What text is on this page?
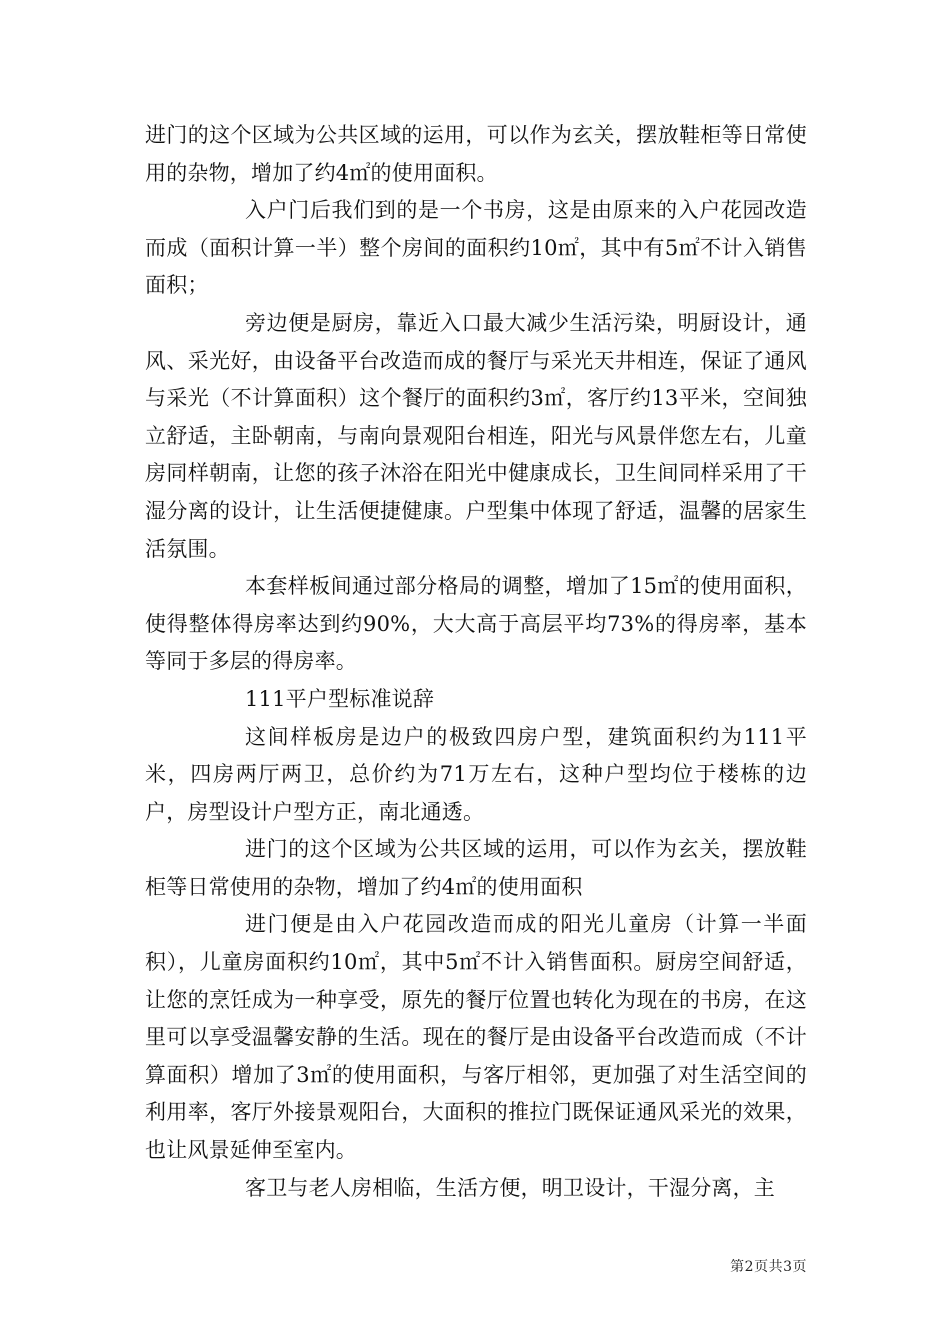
进门的这个区域为公共区域的运用，可以作为玄关，摆放鞋柜等日常使用的杂物，增加了约4㎡的使用面积。

入户门后我们到的是一个书房，这是由原来的入户花园改造而成（面积计算一半）整个房间的面积约10㎡，其中有5㎡不计入销售面积；

旁边便是厨房，靠近入口最大减少生活污染，明厨设计，通风、采光好，由设备平台改造而成的餐厅与采光天井相连，保证了通风与采光（不计算面积）这个餐厅的面积约3㎡，客厅约13平米，空间独立舒适，主卧朝南，与南向景观阳台相连，阳光与风景伴您左右，儿童房同样朝南，让您的孩子沐浴在阳光中健康成长，卫生间同样采用了干湿分离的设计，让生活便捷健康。户型集中体现了舒适，温馨的居家生活氛围。

本套样板间通过部分格局的调整，增加了15㎡的使用面积，使得整体得房率达到约90%，大大高于高层平均73%的得房率，基本等同于多层的得房率。

111平户型标准说辞

这间样板房是边户的极致四房户型，建筑面积约为111平米，四房两厅两卫，总价约为71万左右，这种户型均位于楼栋的边户，房型设计户型方正，南北通透。

进门的这个区域为公共区域的运用，可以作为玄关，摆放鞋柜等日常使用的杂物，增加了约4㎡的使用面积

进门便是由入户花园改造而成的阳光儿童房（计算一半面积），儿童房面积约10㎡，其中5㎡不计入销售面积。厨房空间舒适，让您的烹饪成为一种享受，原先的餐厅位置也转化为现在的书房，在这里可以享受温馨安静的生活。现在的餐厅是由设备平台改造而成（不计算面积）增加了3㎡的使用面积，与客厅相邻，更加强了对生活空间的利用率，客厅外接景观阳台，大面积的推拉门既保证通风采光的效果，也让风景延伸至室内。

客卫与老人房相临，生活方便，明卫设计，干湿分离，主

第2页共3页
